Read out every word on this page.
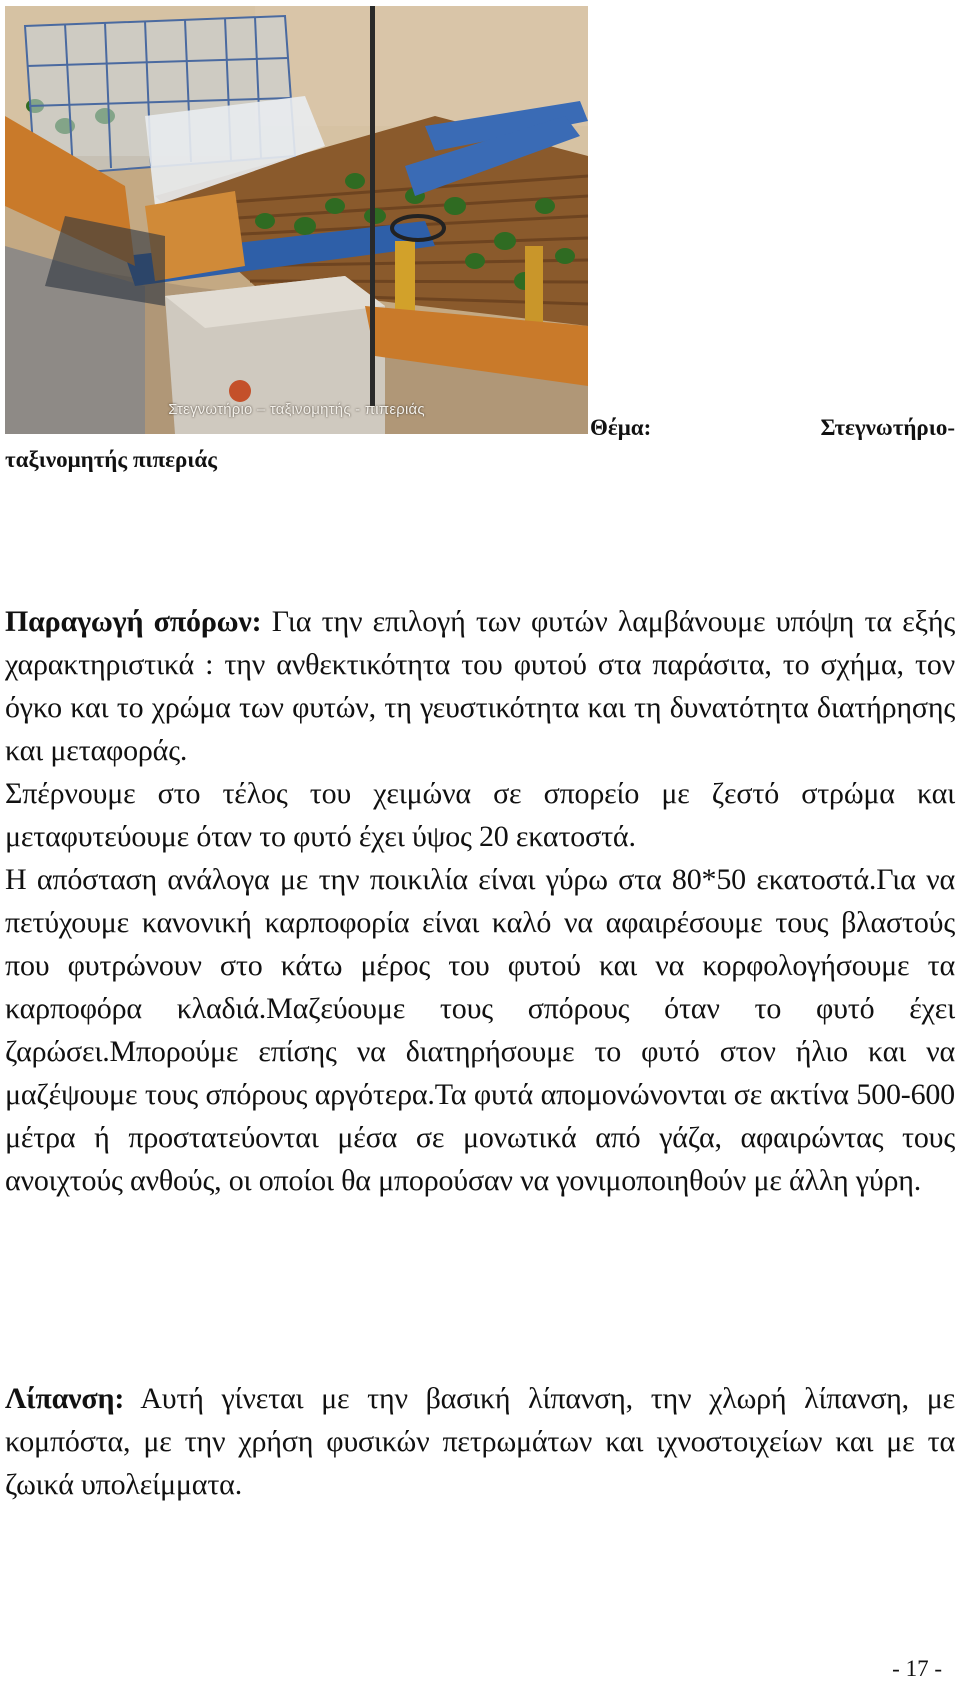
Στεγνωτήριο – ταξινομητής - πιπεριάς
Θέμα:	Στεγνωτήριο-
ταξινομητής πιπεριάς

Παραγωγή σπόρων: Για την επιλογή των φυτών λαμβάνουμε υπόψη τα εξής χαρακτηριστικά : την ανθεκτικότητα του φυτού στα παράσιτα, το σχήμα, τον όγκο και το χρώμα των φυτών, τη γευστικότητα και τη δυνατότητα διατήρησης και μεταφοράς.

Σπέρνουμε στο τέλος του χειμώνα σε σπορείο με ζεστό στρώμα και μεταφυτεύουμε όταν το φυτό έχει ύψος 20 εκατοστά.

Η απόσταση ανάλογα με την ποικιλία είναι γύρω στα 80*50 εκατοστά.Για να πετύχουμε κανονική καρποφορία είναι καλό να αφαιρέσουμε τους βλαστούς που φυτρώνουν στο κάτω μέρος του φυτού και να κορφολογήσουμε τα καρποφόρα κλαδιά.Μαζεύουμε τους σπόρους όταν το φυτό έχει ζαρώσει.Μπορούμε επίσης να διατηρήσουμε το φυτό στον ήλιο και να μαζέψουμε τους σπόρους αργότερα.Τα φυτά απομονώνονται σε ακτίνα 500-600 μέτρα ή προστατεύονται μέσα σε μονωτικά από γάζα, αφαιρώντας τους ανοιχτούς ανθούς, οι οποίοι θα μπορούσαν να γονιμοποιηθούν με άλλη γύρη.

Λίπανση: Αυτή γίνεται με την βασική λίπανση, την χλωρή λίπανση, με κομπόστα, με την χρήση φυσικών πετρωμάτων και ιχνοστοιχείων και με τα ζωικά υπολείμματα.

- 17 -
